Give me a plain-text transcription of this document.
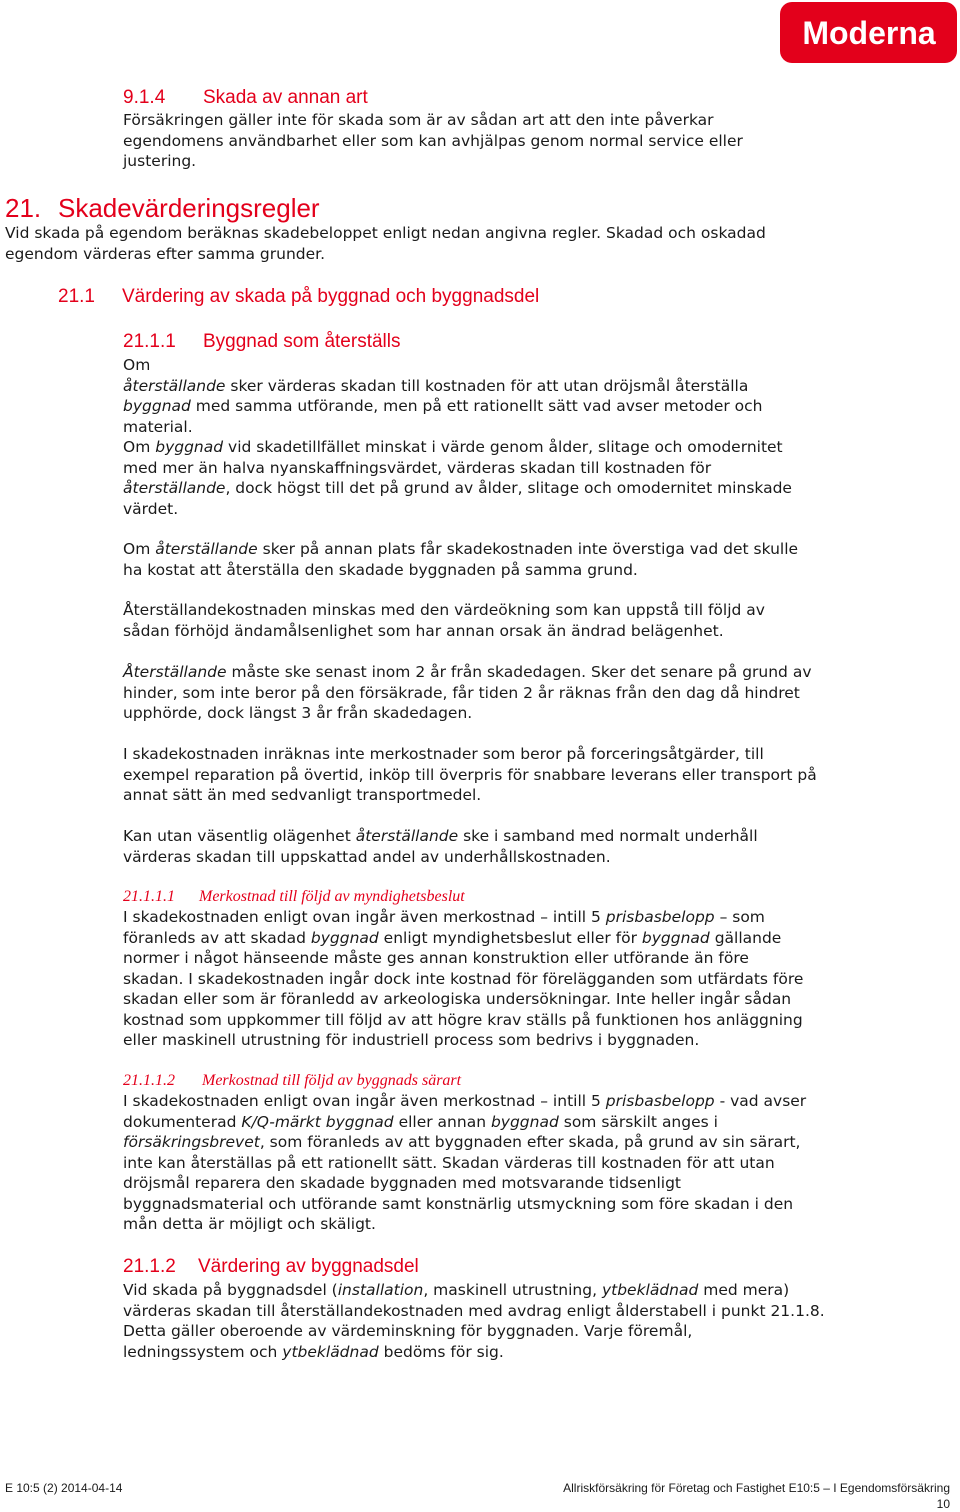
Moderna
9.1.4 Skada av annan art

Försäkringen gäller inte för skada som är av sådan art att den inte påverkar
egendomens användbarhet eller som kan avhjälpas genom normal service eller
justering.

21. Skadevärderingsregler

Vid skada på egendom beräknas skadebeloppet enligt nedan angivna regler. Skadad och oskadad
egendom värderas efter samma grunder.

21.1 Värdering av skada på byggnad och byggnadsdel
21.1.1 Byggnad som återställs

Om
återställande sker värderas skadan till kostnaden för att utan dröjsmål återställa
byggnad med samma utförande, men på ett rationellt sätt vad avser metoder och
material.

Om byggnad vid skadetillfället minskat i värde genom ålder, slitage och omodernitet
med mer än halva nyanskaffningsvärdet, värderas skadan till kostnaden för
återställande, dock högst till det på grund av ålder, slitage och omodernitet minskade
värdet.

Om återställande sker på annan plats får skadekostnaden inte överstiga vad det skulle
ha kostat att återställa den skadade byggnaden på samma grund.

Återställandekostnaden minskas med den värdeökning som kan uppstå till följd av
sådan förhöjd ändamålsenlighet som har annan orsak än ändrad belägenhet.

Återställande måste ske senast inom 2 år från skadedagen. Sker det senare på grund av
hinder, som inte beror på den försäkrade, får tiden 2 år räknas från den dag då hindret
upphörde, dock längst 3 år från skadedagen.

I skadekostnaden inräknas inte merkostnader som beror på forceringsåtgärder, till
exempel reparation på övertid, inköp till överpris för snabbare leverans eller transport på
annat sätt än med sedvanligt transportmedel.

Kan utan väsentlig olägenhet återställande ske i samband med normalt underhåll
värderas skadan till uppskattad andel av underhållskostnaden.

21.1.1.1 Merkostnad till följd av myndighetsbeslut

I skadekostnaden enligt ovan ingår även merkostnad – intill 5 prisbasbelopp – som
föranleds av att skadad byggnad enligt myndighetsbeslut eller för byggnad gällande
normer i något hänseende måste ges annan konstruktion eller utförande än före
skadan. I skadekostnaden ingår dock inte kostnad för förelägganden som utfärdats före
skadan eller som är föranledd av arkeologiska undersökningar. Inte heller ingår sådan
kostnad som uppkommer till följd av att högre krav ställs på funktionen hos anläggning
eller maskinell utrustning för industriell process som bedrivs i byggnaden.

21.1.1.2 Merkostnad till följd av byggnads särart

I skadekostnaden enligt ovan ingår även merkostnad – intill 5 prisbasbelopp - vad avser
dokumenterad K/Q-märkt byggnad eller annan byggnad som särskilt anges i
försäkringsbrevet, som föranleds av att byggnaden efter skada, på grund av sin särart,
inte kan återställas på ett rationellt sätt. Skadan värderas till kostnaden för att utan
dröjsmål reparera den skadade byggnaden med motsvarande tidsenligt
byggnadsmaterial och utförande samt konstnärlig utsmyckning som före skadan i den
mån detta är möjligt och skäligt.

21.1.2 Värdering av byggnadsdel

Vid skada på byggnadsdel (installation, maskinell utrustning, ytbeklädnad med mera)
värderas skadan till återställandekostnaden med avdrag enligt ålderstabell i punkt 21.1.8.
Detta gäller oberoende av värdeminskning för byggnaden. Varje föremål,
ledningssystem och ytbeklädnad bedöms för sig.

E 10:5 (2) 2014-04-14	Allriskförsäkring för Företag och Fastighet E10:5 – I Egendomsförsäkring
10
